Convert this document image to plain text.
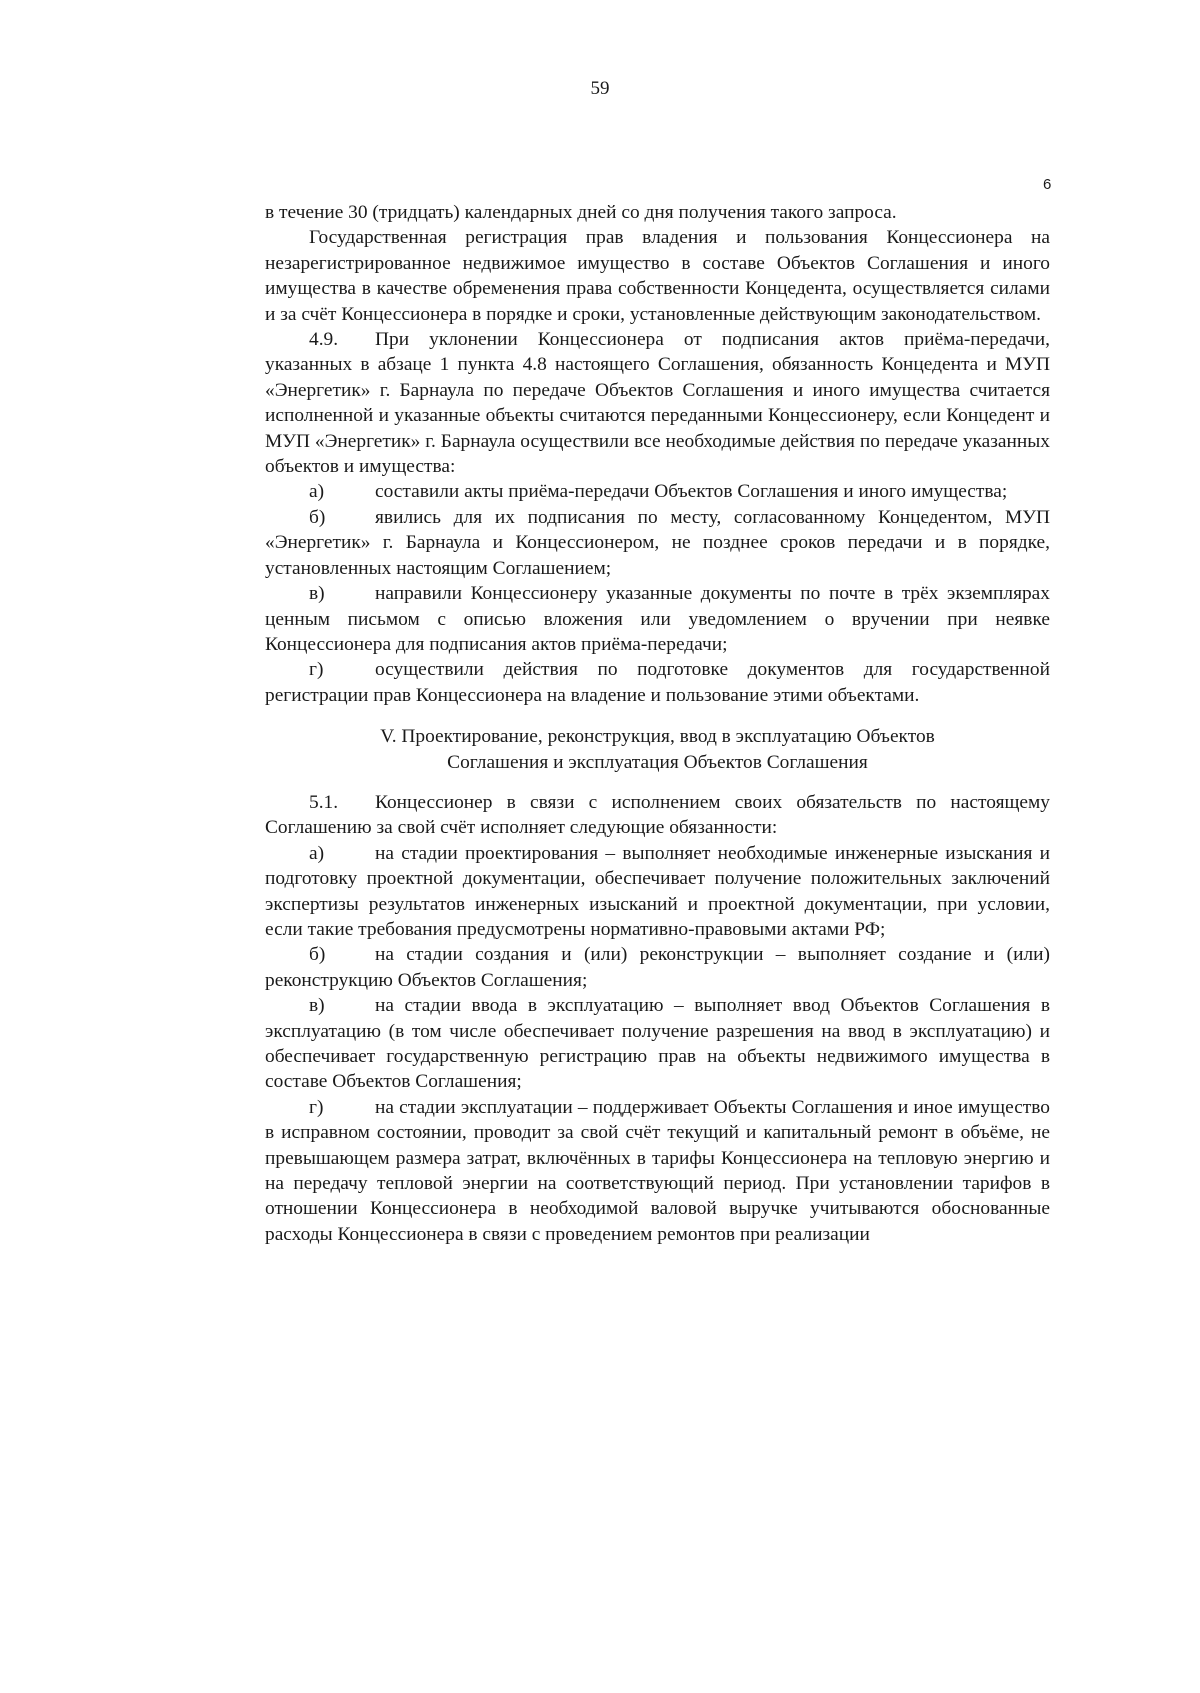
59
6

в течение 30 (тридцать) календарных дней со дня получения такого запроса.

Государственная регистрация прав владения и пользования Концессионера на незарегистрированное недвижимое имущество в составе Объектов Соглашения и иного имущества в качестве обременения права собственности Концедента, осуществляется силами и за счёт Концессионера в порядке и сроки, установленные действующим законодательством.

4.9. При уклонении Концессионера от подписания актов приёма-передачи, указанных в абзаце 1 пункта 4.8 настоящего Соглашения, обязанность Концедента и МУП «Энергетик» г. Барнаула по передаче Объектов Соглашения и иного имущества считается исполненной и указанные объекты считаются переданными Концессионеру, если Концедент и МУП «Энергетик» г. Барнаула осуществили все необходимые действия по передаче указанных объектов и имущества:

а)	составили акты приёма-передачи Объектов Соглашения и иного имущества;

б)	явились для их подписания по месту, согласованному Концедентом, МУП «Энергетик» г. Барнаула и Концессионером, не позднее сроков передачи и в порядке, установленных настоящим Соглашением;

в)	направили Концессионеру указанные документы по почте в трёх экземплярах ценным письмом с описью вложения или уведомлением о вручении при неявке Концессионера для подписания актов приёма-передачи;

г)	осуществили действия по подготовке документов для государственной регистрации прав Концессионера на владение и пользование этими объектами.

V. Проектирование, реконструкция, ввод в эксплуатацию Объектов
Соглашения и эксплуатация Объектов Соглашения

5.1. Концессионер в связи с исполнением своих обязательств по настоящему Соглашению за свой счёт исполняет следующие обязанности:

а)	на стадии проектирования – выполняет необходимые инженерные изыскания и подготовку проектной документации, обеспечивает получение положительных заключений экспертизы результатов инженерных изысканий и проектной документации, при условии, если такие требования предусмотрены нормативно-правовыми актами РФ;

б)	на стадии создания и (или) реконструкции – выполняет создание и (или) реконструкцию Объектов Соглашения;

в)	на стадии ввода в эксплуатацию – выполняет ввод Объектов Соглашения в эксплуатацию (в том числе обеспечивает получение разрешения на ввод в эксплуатацию) и обеспечивает государственную регистрацию прав на объекты недвижимого имущества в составе Объектов Соглашения;

г)	на стадии эксплуатации – поддерживает Объекты Соглашения и иное имущество в исправном состоянии, проводит за свой счёт текущий и капитальный ремонт в объёме, не превышающем размера затрат, включённых в тарифы Концессионера на тепловую энергию и на передачу тепловой энергии на соответствующий период. При установлении тарифов в отношении Концессионера в необходимой валовой выручке учитываются обоснованные расходы Концессионера в связи с проведением ремонтов при реализации
